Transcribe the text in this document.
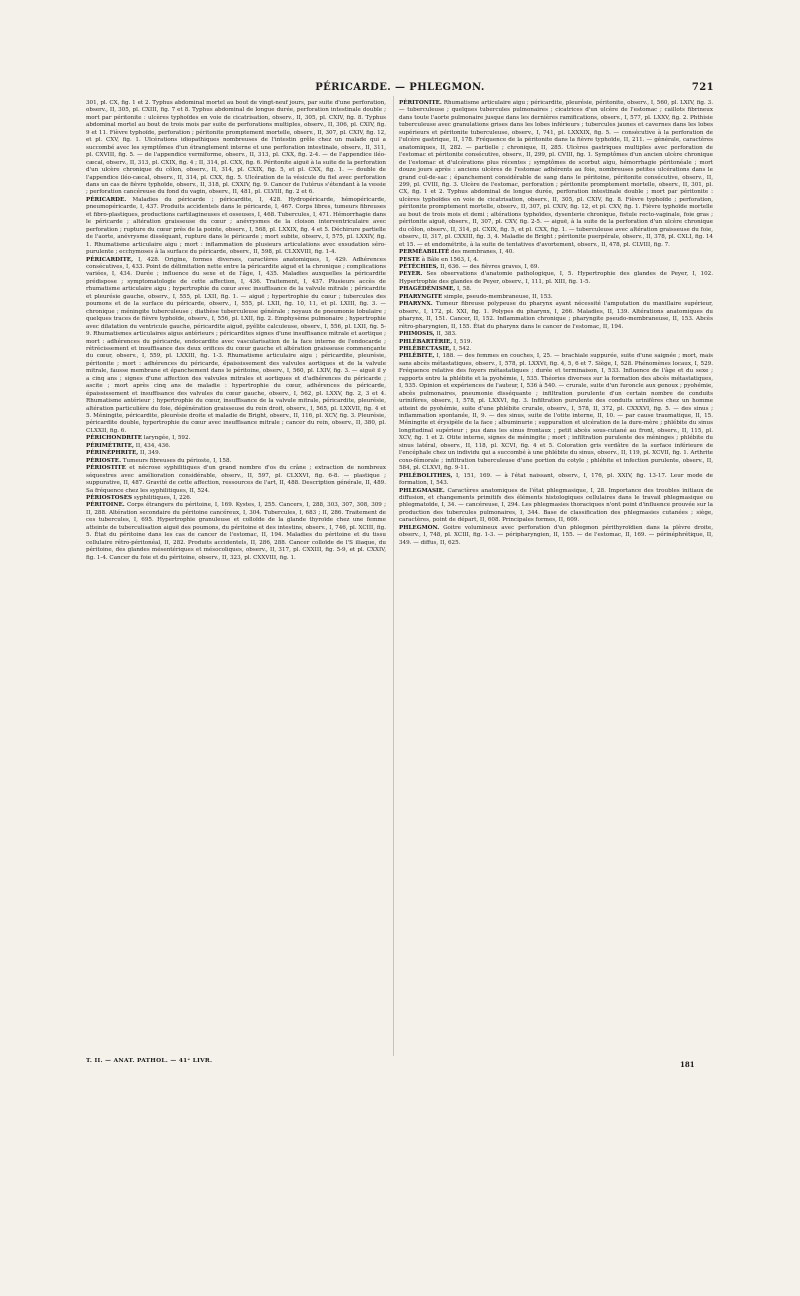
PÉRICARDE. — PHLEGMON.	721

301, pl. CX, fig. 1 et 2. Typhus abdominal mortel au bout de vingt-neuf jours, par suite d'une perforation, observ., II, 305, pl. CXIII, fig. 7 et 8. Typhus abdominal de longue durée, perforation intestinale double ; mort par péritonite : ulcères typhoïdes en voie de cicatrisation, observ., II, 305, pl. CXIV, fig. 8. Typhus abdominal mortel au bout de trois mois par suite de perforations multiples, observ., II, 306, pl. CXIV, fig. 9 et 11. Fièvre typhoïde, perforation ; péritonite promptement mortelle, observ., II, 307, pl. CXIV, fig. 12, et pl. CXV, fig. 1. Ulcérations idiopathiques nombreuses de l'intestin grêle chez un malade qui a succombé avec les symptômes d'un étranglement interne et une perforation intestinale, observ., II, 311, pl. CXVIII, fig. 5. — de l'appendice vermiforme, observ., II, 313, pl. CXX, fig. 2-4. — de l'appendice iléo-cæcal, observ., II, 313, pl. CXIX, fig. 4 ; II, 314, pl. CXX, fig. 6. Péritonite aiguë à la suite de la perforation d'un ulcère chronique du côlon, observ., II, 314, pl. CXIX, fig. 5, et pl. CXX, fig. 1. — double de l'appendice iléo-cæcal, observ., II, 314, pl. CXX, fig. 5. Ulcération de la vésicule du fiel avec perforation dans un cas de fièvre typhoïde, observ., II, 318, pl. CXXIV, fig. 9. Cancer de l'utérus s'étendant à la vessie ; perforation cancéreuse du fond du vagin, observ., II, 481, pl. CLVIII, fig. 2 et 6.

PÉRICARDE. Maladies du péricarde ; péricardite, I, 428. Hydropéricarde, hémopéricarde, pneumopéricarde, I, 437. Produits accidentels dans le péricarde, I, 467. Corps libres, tumeurs fibreuses et fibro-plastiques, productions cartilagineuses et osseuses, I, 468. Tubercules, I, 471. Hémorrhagie dans le péricarde ; altération graisseuse du cœur ; anévrysmes de la cloison interventriculaire avec perforation ; rupture du cœur près de la pointe, observ., I, 568, pl. LXXIX, fig. 4 et 5. Déchirure partielle de l'aorte, anévrysme disséquant, rupture dans le péricarde ; mort subite, observ., I, 575, pl. LXXIV, fig. 1. Rhumatisme articulaire aigu ; mort : inflammation de plusieurs articulations avec exsudation séro-purulente ; ecchymoses à la surface du péricarde, observ., II, 598, pl. CLXXVIII, fig. 1-4.

PÉRICARDITE, I, 428. Origine, formes diverses, caractères anatomiques, I, 429. Adhérences consécutives, I, 433. Point de délimitation nette entre la péricardite aiguë et la chronique ; complications variées, I, 434. Durée ; influence du sexe et de l'âge, I, 435. Maladies auxquelles la péricardite prédispose ; symptomatologie de cette affection, I, 436. Traitement, I, 437. Plusieurs accès de rhumatisme articulaire aigu ; hypertrophie du cœur avec insuffisance de la valvule mitrale ; péricardite et pleurésie gauche, observ., I, 555, pl. LXII, fig. 1. — aiguë ; hypertrophie du cœur ; tubercules des poumons et de la surface du péricarde, observ., I, 555, pl. LXII, fig. 10, 11, et pl. LXIII, fig. 3. — chronique ; méningite tuberculeuse ; diathèse tuberculeuse générale ; noyaux de pneumonie lobulaire ; quelques traces de fièvre typhoïde, observ., I, 556, pl. LXII, fig. 2. Emphysème pulmonaire ; hypertrophie avec dilatation du ventricule gauche, péricardite aiguë, pyélite calculeuse, observ., I, 556, pl. LXII, fig. 5-9. Rhumatismes articulaires aigus antérieurs ; péricardites signes d'une insuffisance mitrale et aortique ; mort : adhérences du péricarde, endocardite avec vascularisation de la face interne de l'endocarde ; rétrécissement et insuffisance des deux orifices du cœur gauche et altération graisseuse commençante du cœur, observ., I, 559, pl. LXXIII, fig. 1-3. Rhumatisme articulaire aigu ; péricardite, pleurésie, péritonite ; mort : adhérences du péricarde, épaississement des valvules aortiques et de la valvule mitrale, fausse membrane et épanchement dans le péritoine, observ., I, 560, pl. LXIV, fig. 3. — aiguë il y a cinq ans ; signes d'une affection des valvules mitrales et aortiques et d'adhérences du péricarde ; ascite ; mort après cinq ans de maladie : hypertrophie du cœur, adhérences du péricarde, épaississement et insuffisance des valvules du cœur gauche, observ., I, 562, pl. LXXV, fig. 2, 3 et 4. Rhumatisme antérieur ; hypertrophie du cœur, insuffisance de la valvule mitrale, péricardite, pleurésie, altération particulière du foie, dégénération graisseuse du rein droit, observ., I, 565, pl. LXXVII, fig. 4 et 5. Méningite, péricardite, pleurésie droite et maladie de Bright, observ., II, 116, pl. XCV, fig. 3. Pleurésie, péricardite double, hypertrophie du cœur avec insuffisance mitrale ; cancer du rein, observ., II, 380, pl. CLXXII, fig. 6.

PÉRICHONDRITE laryngée, I, 592.

PÉRIMÉTRITE, II, 434, 436.

PÉRINÉPHRITE, II, 349.

PÉRIOSTE. Tumeurs fibreuses du périoste, I, 158.

PÉRIOSTITE et nécrose syphilitiques d'un grand nombre d'os du crâne ; extraction de nombreux séquestres avec amélioration considérable, observ., II, 597, pl. CLXXVI, fig. 6-8. — plastique ; suppurative, II, 487. Gravité de cette affection, ressources de l'art, II, 488. Description générale, II, 489. Sa fréquence chez les syphilitiques, II, 524.

PÉRIOSTOSES syphilitiques, I, 226.

PÉRITOINE. Corps étrangers du péritoine, I, 169. Kystes, I, 255. Cancers, I, 288, 303, 307, 308, 309 ; II, 288. Altération secondaire du péritoine cancéreux, I, 304. Tubercules, I, 683 ; II, 286. Traitement de ces tubercules, I, 695. Hypertrophie granuleuse et colloïde de la glande thyroïde chez une femme atteinte de tuberculisation aiguë des poumons, du péritoine et des intestins, observ., I, 746, pl. XCIII, fig. 5. État du péritoine dans les cas de cancer de l'estomac, II, 194. Maladies du péritoine et du tissu cellulaire rétro-péritonéal, II, 282. Produits accidentels, II, 286, 288. Cancer colloïde de l'S iliaque, du péritoine, des glandes mésentériques et mésocoliques, observ., II, 317, pl. CXXIII, fig. 5-9, et pl. CXXIV, fig. 1-4. Cancer du foie et du péritoine, observ., II, 323, pl. CXXVIII, fig. 1.

PÉRITONITE. Rhumatisme articulaire aigu ; péricardite, pleurésie, péritonite, observ., I, 560, pl. LXIV, fig. 3. — tuberculeuse ; quelques tubercules pulmonaires ; cicatrices d'un ulcère de l'estomac ; caillots fibrineux dans toute l'aorte pulmonaire jusque dans les dernières ramifications, observ., I, 577, pl. LXXV, fig. 2. Phthisie tuberculeuse avec granulations grises dans les lobes inférieurs ; tubercules jaunes et cavernes dans les lobes supérieurs et péritonite tuberculeuse, observ., I, 741, pl. LXXXIX, fig. 5. — consécutive à la perforation de l'ulcère gastrique, II, 178. Fréquence de la péritonite dans la fièvre typhoïde, II, 211. — générale, caractères anatomiques, II, 282. — partielle ; chronique, II, 285. Ulcères gastriques multiples avec perforation de l'estomac et péritonite consécutive, observ., II, 299, pl. CVIII, fig. 1. Symptômes d'un ancien ulcère chronique de l'estomac et d'ulcérations plus récentes ; symptômes de scorbut aigu, hémorrhagie péritonéale ; mort douze jours après : anciens ulcères de l'estomac adhérents au foie, nombreuses petites ulcérations dans le grand cul-de-sac ; épanchement considérable de sang dans le péritoine, péritonite consécutive, observ., II, 299, pl. CVIII, fig. 3. Ulcère de l'estomac, perforation ; péritonite promptement mortelle, observ., II, 301, pl. CX, fig. 1 et 2. Typhus abdominal de longue durée, perforation intestinale double ; mort par péritonite : ulcères typhoïdes en voie de cicatrisation, observ., II, 305, pl. CXIV, fig. 8. Fièvre typhoïde ; perforation, péritonite promptement mortelle, observ., II, 307, pl. CXIV, fig. 12, et pl. CXV, fig. 1. Fièvre typhoïde mortelle au bout de trois mois et demi ; altérations typhoïdes, dysenterie chronique, fistule recto-vaginale, foie gras ; péritonite aiguë, observ., II, 307, pl. CXV, fig. 2-5. — aiguë, à la suite de la perforation d'un ulcère chronique du côlon, observ., II, 314, pl. CXIX, fig. 5, et pl. CXX, fig. 1. — tuberculeuse avec altération graisseuse du foie, observ., II, 317, pl. CXXIII, fig. 3, 4. Maladie de Bright ; péritonite puerpérale, observ., II, 378, pl. CXLI, fig. 14 et 15. — et endométrite, à la suite de tentatives d'avortement, observ., II, 478, pl. CLVIII, fig. 7.

PERMÉABILITÉ des membranes, I, 40.

PESTE à Bâle en 1563, I, 4.

PÉTÉCHIES, II, 636. — des fièvres graves, I, 69.

PEYER. Ses observations d'anatomie pathologique, I, 5. Hypertrophie des glandes de Peyer, I, 102. Hypertrophie des glandes de Peyer, observ., I, 111, pl. XIII, fig. 1-5.

PHAGÉDÉNISME, I, 58.

PHARYNGITE simple, pseudo-membraneuse, II, 153.

PHARYNX. Tumeur fibreuse polypeuse du pharynx ayant nécessité l'amputation du maxillaire supérieur, observ., I, 172, pl. XXI, fig. 1. Polypes du pharynx, I, 266. Maladies, II, 139. Altérations anatomiques du pharynx, II, 151. Cancer, II, 152. Inflammation chronique ; pharyngite pseudo-membraneuse, II, 153. Abcès rétro-pharyngien, II, 155. État du pharynx dans le cancer de l'estomac, II, 194.

PHIMOSIS, II, 383.

PHLÉBARTÉRIE, I, 519.

PHLÉBECTASIE, I, 542.

PHLÉBITE, I, 188. — des femmes en couches, I, 25. — brachiale suppurée, suite d'une saignée ; mort, mais sans abcès métastatiques, observ., I, 578, pl. LXXVI, fig. 4, 5, 6 et 7. Siège, I, 528. Phénomènes locaux, I, 529. Fréquence relative des foyers métastatiques ; durée et terminaison, I, 533. Influence de l'âge et du sexe ; rapports entre la phlébite et la pyohémie, I, 535. Théories diverses sur la formation des abcès métastatiques, I, 535. Opinion et expériences de l'auteur, I, 536 à 540. — crurale, suite d'un furoncle aux genoux ; pyohémie, abcès pulmonaires, pneumonie disséquante ; infiltration purulente d'un certain nombre de conduits urinifères, observ., I, 578, pl. LXXVI, fig. 3. Infiltration purulente des conduits urinifères chez un homme atteint de pyohémie, suite d'une phlébite crurale, observ., I, 578, II, 372, pl. CXXXVI, fig. 5. — des sinus ; inflammation spontanée, II, 9. — des sinus, suite de l'otite interne, II, 10. — par cause traumatique, II, 15. Méningite et érysipèle de la face ; albuminurie ; suppuration et ulcération de la dure-mère ; phlébite du sinus longitudinal supérieur ; pus dans les sinus frontaux ; petit abcès sous-cutané au front, observ., II, 115, pl. XCV, fig. 1 et 2. Otite interne, signes de méningite ; mort ; infiltration purulente des méninges ; phlébite du sinus latéral, observ., II, 118, pl. XCVI, fig. 4 et 5. Coloration gris verdâtre de la surface inférieure de l'encéphale chez un individu qui a succombé à une phlébite du sinus, observ., II, 119, pl. XCVII, fig. 1. Arthrite coxo-fémorale ; infiltration tuberculeuse d'une portion du cotyle ; phlébite et infection purulente, observ., II, 584, pl. CLXVI, fig. 9-11.

PHLÉBOLITHES, I, 151, 169. — à l'état naissant, observ., I, 176, pl. XXIV, fig. 13-17. Leur mode de formation, I, 543.

PHLEGMASIE. Caractères anatomiques de l'état phlegmasique, I, 28. Importance des troubles initiaux de diffusion, et changements primitifs des éléments histologiques cellulaires dans le travail phlegmasique ou phlegmatoïde, I, 34. — cancéreuse, I, 294. Les phlegmasies thoraciques n'ont point d'influence prouvée sur la production des tubercules pulmonaires, I, 344. Base de classification des phlegmasies cutanées ; siège, caractères, point de départ, II, 608. Principales formes, II, 609.

PHLEGMON. Goitre volumineux avec perforation d'un phlegmon périthyroïdien dans la plèvre droite, observ., I, 748, pl. XCIII, fig. 1-3. — péripharyngien, II, 155. — de l'estomac, II, 169. — périnéphrétique, II, 349. — diffus, II, 625.

T. II. — ANAT. PATHOL. — 41ᵉ LIVR.	181
